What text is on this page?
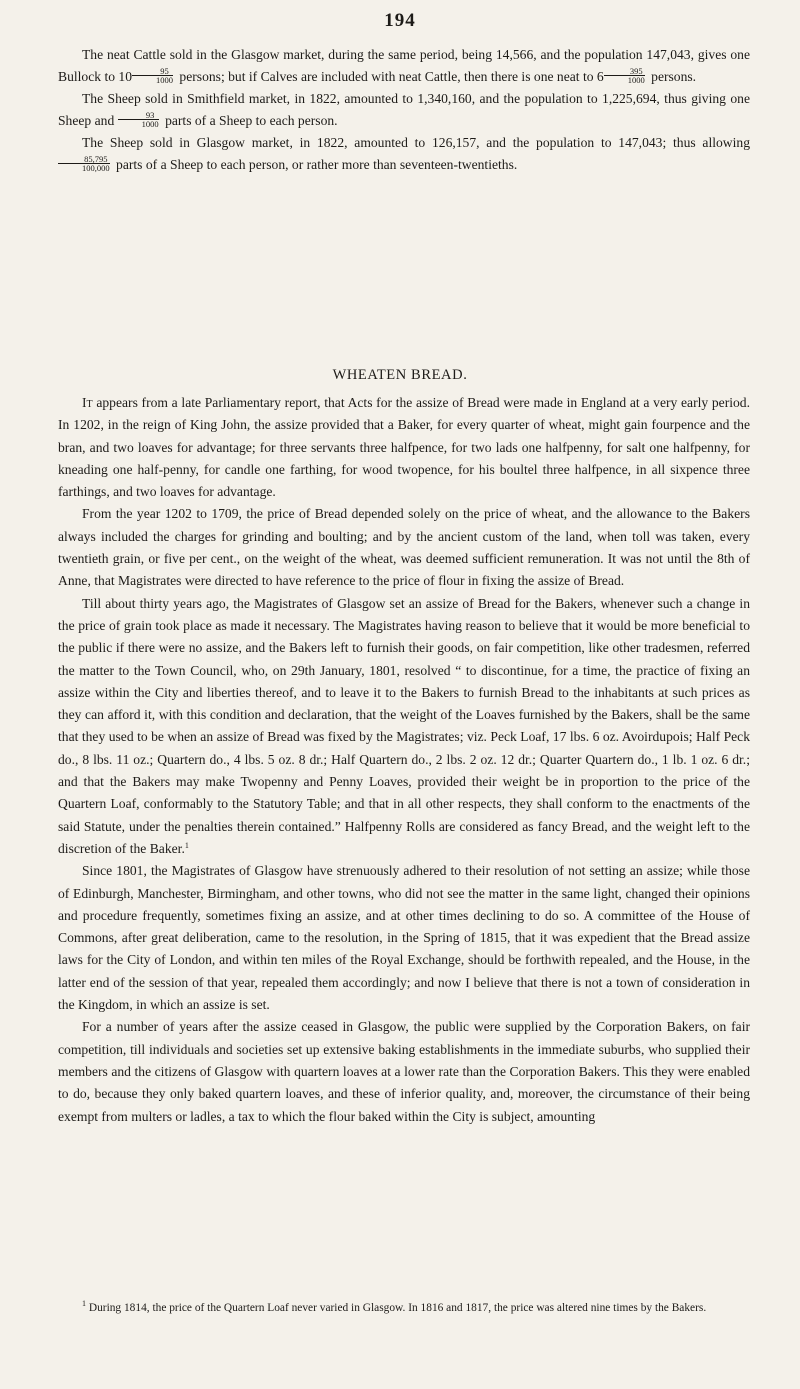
194

The neat Cattle sold in the Glasgow market, during the same period, being 14,566, and the population 147,043, gives one Bullock to $10 \frac{95}{1000}$ persons; but if Calves are included with neat Cattle, then there is one neat to $6 \frac{395}{1000}$ persons.

The Sheep sold in Smithfield market, in 1822, amounted to 1,340,160, and the population to 1,225,694, thus giving one Sheep and $\frac{93}{1000}$ parts of a Sheep to each person.

The Sheep sold in Glasgow market, in 1822, amounted to 126,157, and the population to 147,043; thus allowing
$\frac{85,795}{100,000}$ parts of a Sheep to each person, or rather more than seventeen-twentieths.

WHEATEN BREAD.

It appears from a late Parliamentary report, that Acts for the assize of Bread were made in England at a very early period. In 1202, in the reign of King John, the assize provided that a Baker, for every quarter of wheat, might gain fourpence and the bran, and two loaves for advantage; for three servants three halfpence, for two lads one halfpenny, for salt one halfpenny, for kneading one half-penny, for candle one farthing, for wood twopence, for his boultel three halfpence, in all sixpence three farthings, and two loaves for advantage.

From the year 1202 to 1709, the price of Bread depended solely on the price of wheat, and the allowance to the Bakers always included the charges for grinding and boulting; and by the ancient custom of the land, when toll was taken, every twentieth grain, or five per cent., on the weight of the wheat, was deemed sufficient remuneration. It was not until the 8th of Anne, that Magistrates were directed to have reference to the price of flour in fixing the assize of Bread.

Till about thirty years ago, the Magistrates of Glasgow set an assize of Bread for the Bakers, whenever such a change in the price of grain took place as made it necessary. The Magistrates having reason to believe that it would be more beneficial to the public if there were no assize, and the Bakers left to furnish their goods, on fair competition, like other tradesmen, referred the matter to the Town Council, who, on 29th January, 1801, resolved “ to discontinue, for a time, the practice of fixing an assize within the City and liberties thereof, and to leave it to the Bakers to furnish Bread to the inhabitants at such prices as they can afford it, with this condition and declaration, that the weight of the Loaves furnished by the Bakers, shall be the same that they used to be when an assize of Bread was fixed by the Magistrates; viz. Peck Loaf, 17 lbs. 6 oz. Avoirdupois; Half Peck do., 8 lbs. 11 oz.; Quartern do., 4 lbs. 5 oz. 8 dr.; Half Quartern do., 2 lbs. 2 oz. 12 dr.; Quarter Quartern do., 1 lb. 1 oz. 6 dr.; and that the Bakers may make Twopenny and Penny Loaves, provided their weight be in proportion to the price of the Quartern Loaf, conformably to the Statutory Table; and that in all other respects, they shall conform to the enactments of the said Statute, under the penalties therein contained.” Halfpenny Rolls are considered as fancy Bread, and the weight left to the discretion of the Baker.$^1$

Since 1801, the Magistrates of Glasgow have strenuously adhered to their resolution of not setting an assize; while those of Edinburgh, Manchester, Birmingham, and other towns, who did not see the matter in the same light, changed their opinions and procedure frequently, sometimes fixing an assize, and at other times declining to do so. A committee of the House of Commons, after great deliberation, came to the resolution, in the Spring of 1815, that it was expedient that the Bread assize laws for the City of London, and within ten miles of the Royal Exchange, should be forthwith repealed, and the House, in the latter end of the session of that year, repealed them accordingly; and now I believe that there is not a town of consideration in the Kingdom, in which an assize is set.

For a number of years after the assize ceased in Glasgow, the public were supplied by the Corporation Bakers, on fair competition, till individuals and societies set up extensive baking establishments in the immediate suburbs, who supplied their members and the citizens of Glasgow with quartern loaves at a lower rate than the Corporation Bakers. This they were enabled to do, because they only baked quartern loaves, and these of inferior quality, and, moreover, the circumstance of their being exempt from multers or ladles, a tax to which the flour baked within the City is subject, amounting

$^1$ During 1814, the price of the Quartern Loaf never varied in Glasgow. In 1816 and 1817, the price was altered nine times by the Bakers.
